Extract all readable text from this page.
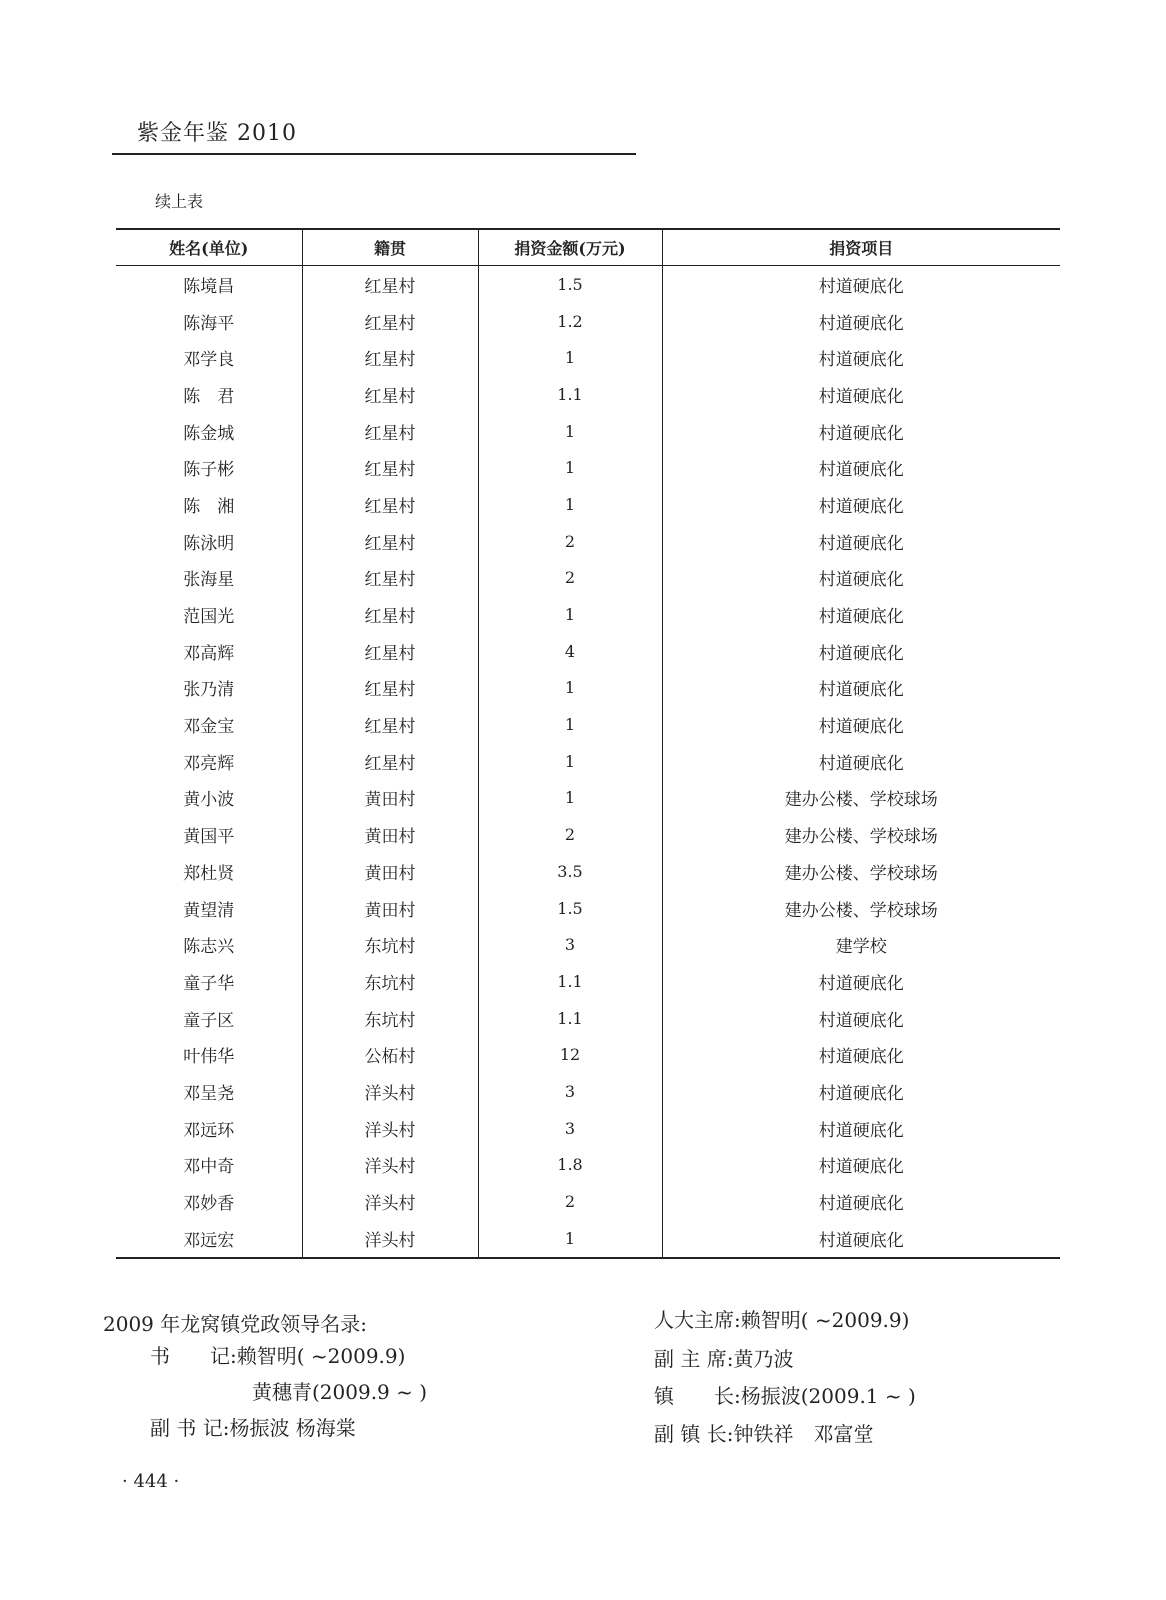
紫金年鉴 2010
续上表
姓名(单位)	籍贯	捐资金额(万元)	捐资项目
陈境昌	红星村	1.5	村道硬底化
陈海平	红星村	1.2	村道硬底化
邓学良	红星村	1	村道硬底化
陈　君	红星村	1.1	村道硬底化
陈金城	红星村	1	村道硬底化
陈子彬	红星村	1	村道硬底化
陈　湘	红星村	1	村道硬底化
陈泳明	红星村	2	村道硬底化
张海星	红星村	2	村道硬底化
范国光	红星村	1	村道硬底化
邓高辉	红星村	4	村道硬底化
张乃清	红星村	1	村道硬底化
邓金宝	红星村	1	村道硬底化
邓亮辉	红星村	1	村道硬底化
黄小波	黄田村	1	建办公楼、学校球场
黄国平	黄田村	2	建办公楼、学校球场
郑杜贤	黄田村	3.5	建办公楼、学校球场
黄望清	黄田村	1.5	建办公楼、学校球场
陈志兴	东坑村	3	建学校
童子华	东坑村	1.1	村道硬底化
童子区	东坑村	1.1	村道硬底化
叶伟华	公柘村	12	村道硬底化
邓呈尧	洋头村	3	村道硬底化
邓远环	洋头村	3	村道硬底化
邓中奇	洋头村	1.8	村道硬底化
邓妙香	洋头村	2	村道硬底化
邓远宏	洋头村	1	村道硬底化
2009 年龙窝镇党政领导名录:
书　　记:赖智明( ~2009.9)
黄穗青(2009.9 ~ )
副 书 记:杨振波 杨海棠
人大主席:赖智明( ~2009.9)
副 主 席:黄乃波
镇　　长:杨振波(2009.1 ~ )
副 镇 长:钟铁祥　邓富堂
· 444 ·
